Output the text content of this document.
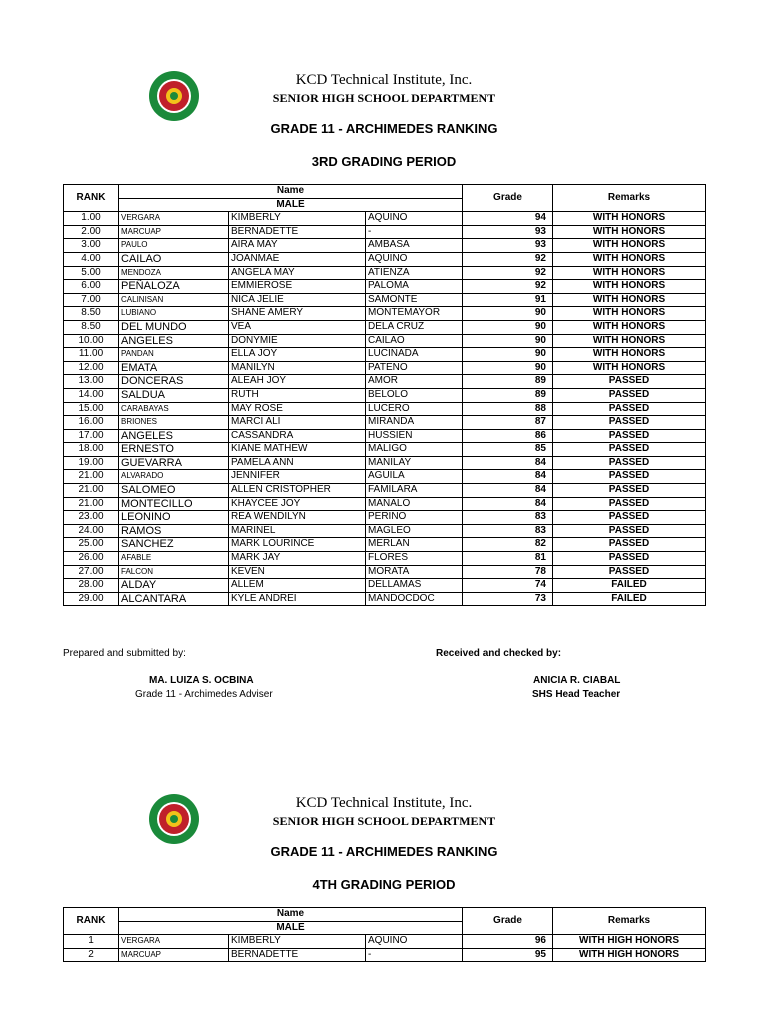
KCD Technical Institute, Inc.
SENIOR HIGH SCHOOL DEPARTMENT
GRADE 11 - ARCHIMEDES RANKING
3RD GRADING PERIOD
RANK	Name			Grade	Remarks
	MALE				
1.00	VERGARA	KIMBERLY	AQUINO	94	WITH HONORS
2.00	MARCUAP	BERNADETTE	-	93	WITH HONORS
3.00	PAULO	AIRA MAY	AMBASA	93	WITH HONORS
4.00	CAILAO	JOANMAE	AQUINO	92	WITH HONORS
5.00	MENDOZA	ANGELA MAY	ATIENZA	92	WITH HONORS
6.00	PEÑALOZA	EMMIEROSE	PALOMA	92	WITH HONORS
7.00	CALINISAN	NICA JELIE	SAMONTE	91	WITH HONORS
8.50	LUBIANO	SHANE AMERY	MONTEMAYOR	90	WITH HONORS
8.50	DEL MUNDO	VEA	DELA CRUZ	90	WITH HONORS
10.00	ANGELES	DONYMIE	CAILAO	90	WITH HONORS
11.00	PANDAN	ELLA JOY	LUCIÑADA	90	WITH HONORS
12.00	EMATA	MANILYN	PATENO	90	WITH HONORS
13.00	DONCERAS	ALEAH JOY	AMOR	89	PASSED
14.00	SALDUA	RUTH	BELOLO	89	PASSED
15.00	CARABAYAS	MAY ROSE	LUCERO	88	PASSED
16.00	BRIONES	MARCI ALI	MIRANDA	87	PASSED
17.00	ANGELES	CASSANDRA	HUSSIEN	86	PASSED
18.00	ERNESTO	KIANE MATHEW	MALIGO	85	PASSED
19.00	GUEVARRA	PAMELA ANN	MANILAY	84	PASSED
21.00	ALVARADO	JENNIFER	AGUILA	84	PASSED
21.00	SALOMEO	ALLEN CRISTOPHER	FAMILARA	84	PASSED
21.00	MONTECILLO	KHAYCEE JOY	MANALO	84	PASSED
23.00	LEONINO	REA WENDILYN	PERINO	83	PASSED
24.00	RAMOS	MARINEL	MAGLEO	83	PASSED
25.00	SANCHEZ	MARK LOURINCE	MERLAN	82	PASSED
26.00	AFABLE	MARK JAY	FLORES	81	PASSED
27.00	FALCON	KEVEN	MORATA	78	PASSED
28.00	ALDAY	ALLEM	DELLAMAS	74	FAILED
29.00	ALCANTARA	KYLE ANDREI	MANDOCDOC	73	FAILED
Prepared and submitted by:	Received and checked by:
MA. LUIZA S. OCBINA
Grade 11 - Archimedes Adviser
ANICIA R. CIABAL
SHS Head Teacher
KCD Technical Institute, Inc.
SENIOR HIGH SCHOOL DEPARTMENT
GRADE 11 - ARCHIMEDES RANKING
4TH GRADING PERIOD
RANK	Name			Grade	Remarks
	MALE				
1	VERGARA	KIMBERLY	AQUINO	96	WITH HIGH HONORS
2	MARCUAP	BERNADETTE	-	95	WITH HIGH HONORS
